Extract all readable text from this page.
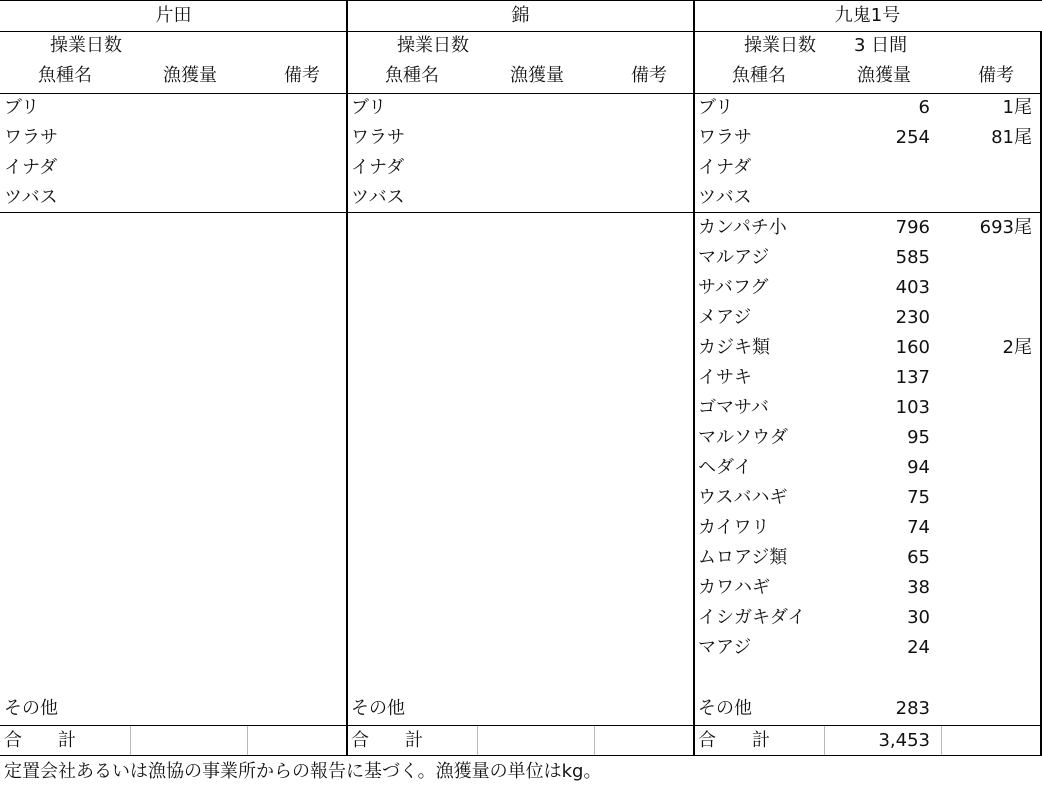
片田
操業日数
魚種名	漁獲量	備考
ブリ
ワラサ
イナダ
ツバス
その他
合　　計
錦
操業日数
魚種名	漁獲量	備考
ブリ
ワラサ
イナダ
ツバス
その他
合　　計
九鬼1号
操業日数	3 日間
魚種名	漁獲量	備考
ブリ	6	1尾
ワラサ	254	81尾
イナダ
ツバス
カンパチ小	796	693尾
マルアジ	585
サバフグ	403
メアジ	230
カジキ類	160	2尾
イサキ	137
ゴマサバ	103
マルソウダ	95
ヘダイ	94
ウスバハギ	75
カイワリ	74
ムロアジ類	65
カワハギ	38
イシガキダイ	30
マアジ	24
その他	283
合　　計	3,453
定置会社あるいは漁協の事業所からの報告に基づく。漁獲量の単位はkg。
